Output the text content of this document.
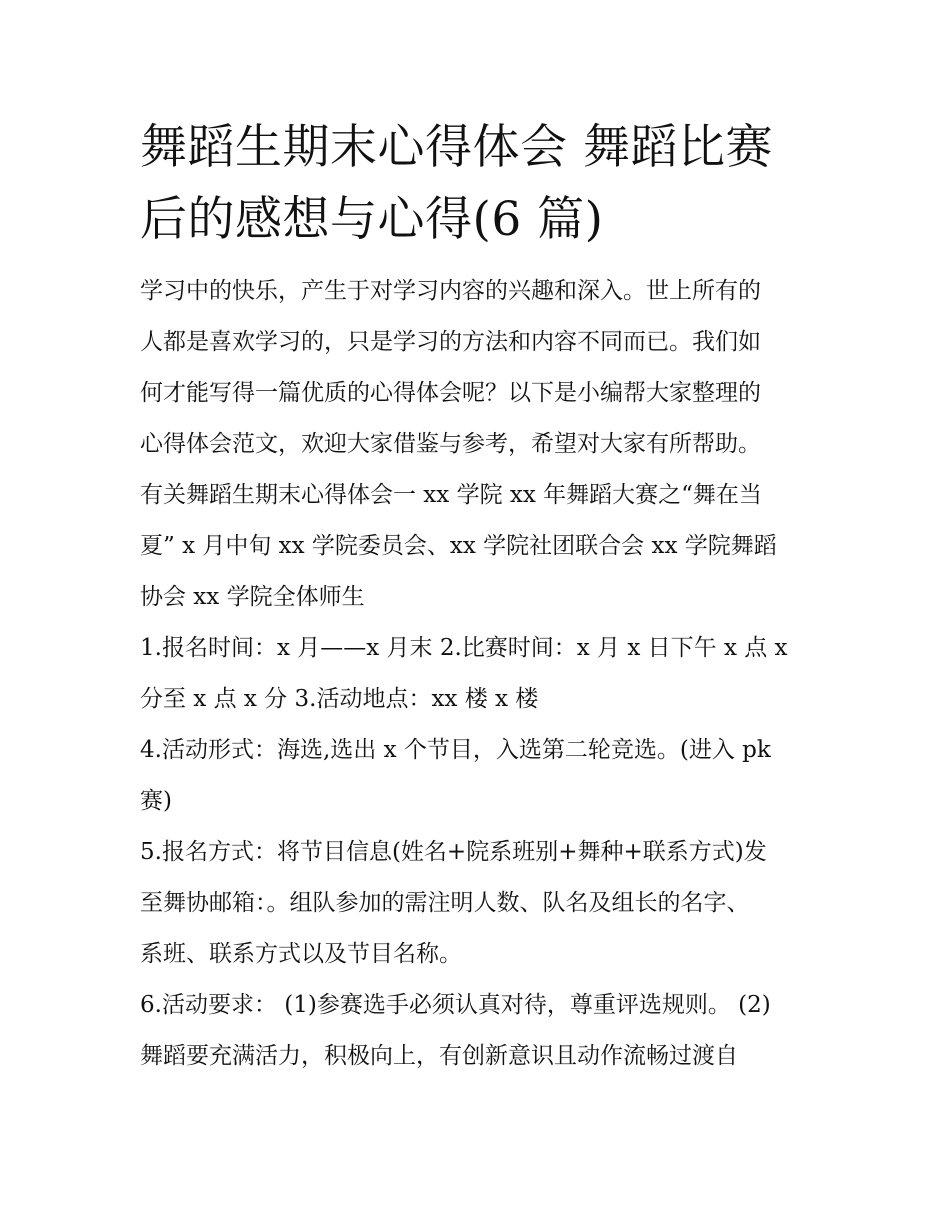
舞蹈生期末心得体会 舞蹈比赛
后的感想与心得(6 篇)

学习中的快乐，产生于对学习内容的兴趣和深入。世上所有的

人都是喜欢学习的，只是学习的方法和内容不同而已。我们如

何才能写得一篇优质的心得体会呢？以下是小编帮大家整理的

心得体会范文，欢迎大家借鉴与参考，希望对大家有所帮助。

有关舞蹈生期末心得体会一 xx 学院 xx 年舞蹈大赛之“舞在当

夏” x 月中旬 xx 学院委员会、xx 学院社团联合会 xx 学院舞蹈

协会 xx 学院全体师生

1.报名时间：x 月——x 月末 2.比赛时间：x 月 x 日下午 x 点 x

分至 x 点 x 分 3.活动地点：xx 楼 x 楼

4.活动形式：海选,选出 x 个节目，入选第二轮竞选。(进入 pk

赛)

5.报名方式：将节目信息(姓名+院系班别+舞种+联系方式)发

至舞协邮箱：。组队参加的需注明人数、队名及组长的名字、

系班、联系方式以及节目名称。

6.活动要求： (1)参赛选手必须认真对待，尊重评选规则。 (2)

舞蹈要充满活力，积极向上，有创新意识且动作流畅过渡自
